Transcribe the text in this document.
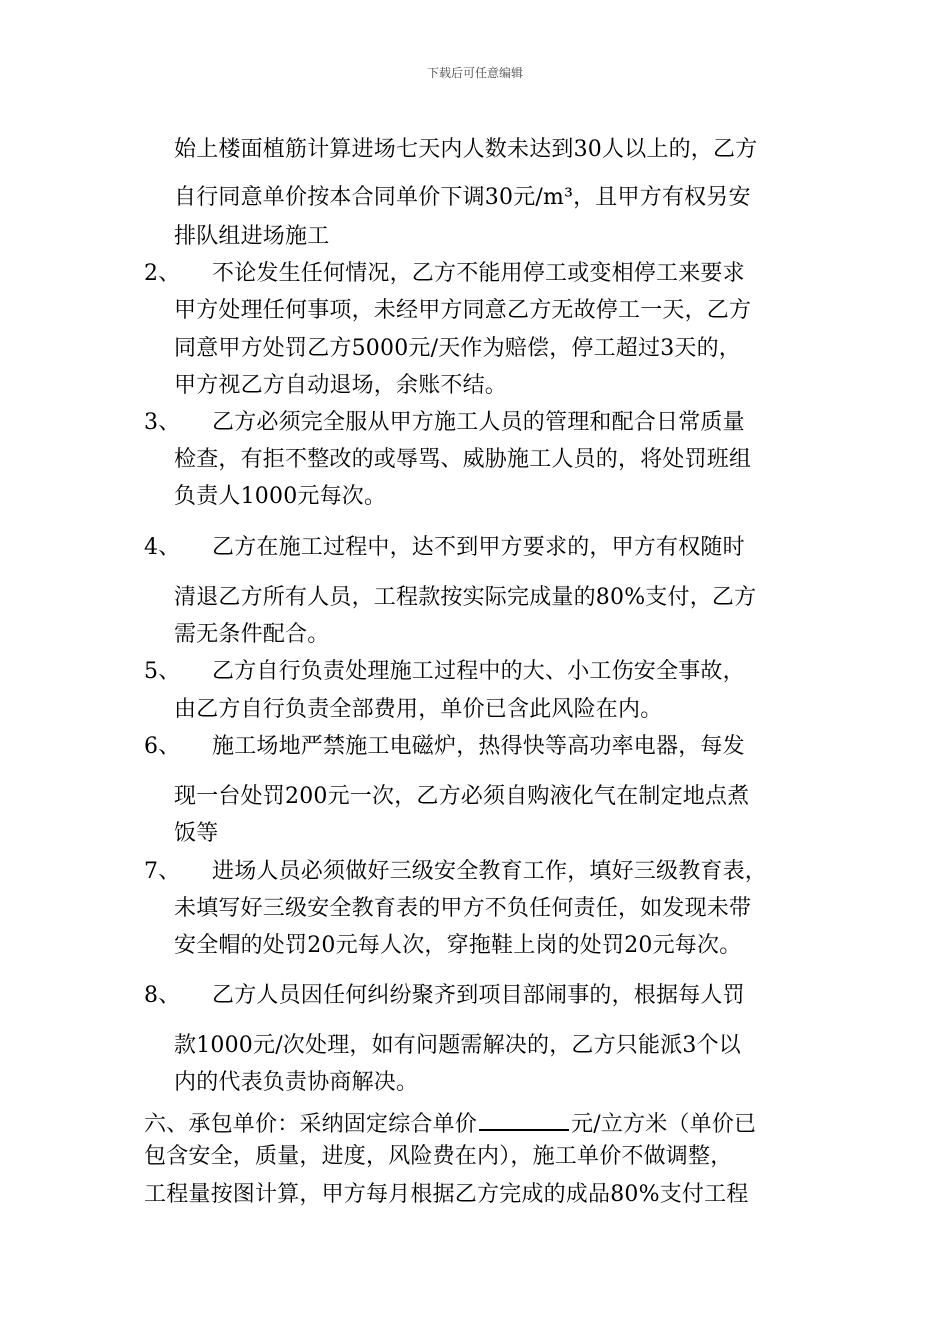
下载后可任意编辑
始上楼面植筋计算进场七天内人数未达到30人以上的，乙方
自行同意单价按本合同单价下调30元/m³，且甲方有权另安
排队组进场施工
2、 不论发生任何情况，乙方不能用停工或变相停工来要求
甲方处理任何事项，未经甲方同意乙方无故停工一天，乙方
同意甲方处罚乙方5000元/天作为赔偿，停工超过3天的，
甲方视乙方自动退场，余账不结。
3、 乙方必须完全服从甲方施工人员的管理和配合日常质量
检查，有拒不整改的或辱骂、威胁施工人员的，将处罚班组
负责人1000元每次。
4、 乙方在施工过程中，达不到甲方要求的，甲方有权随时
清退乙方所有人员，工程款按实际完成量的80%支付，乙方
需无条件配合。
5、 乙方自行负责处理施工过程中的大、小工伤安全事故，
由乙方自行负责全部费用，单价已含此风险在内。
6、 施工场地严禁施工电磁炉，热得快等高功率电器，每发
现一台处罚200元一次，乙方必须自购液化气在制定地点煮
饭等
7、 进场人员必须做好三级安全教育工作，填好三级教育表，
未填写好三级安全教育表的甲方不负任何责任，如发现未带
安全帽的处罚20元每人次，穿拖鞋上岗的处罚20元每次。
8、 乙方人员因任何纠纷聚齐到项目部闹事的，根据每人罚
款1000元/次处理，如有问题需解决的，乙方只能派3个以
内的代表负责协商解决。
六、承包单价：采纳固定综合单价	元/立方米（单价已
包含安全，质量，进度，风险费在内），施工单价不做调整，
工程量按图计算，甲方每月根据乙方完成的成品80%支付工程
